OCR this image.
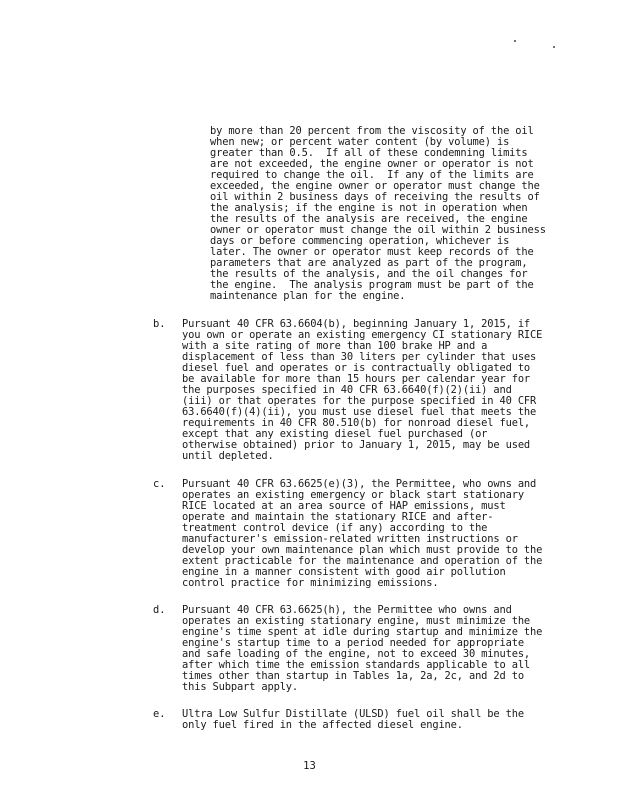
by more than 20 percent from the viscosity of the oil
when new; or percent water content (by volume) is
greater than 0.5.  If all of these condemning limits
are not exceeded, the engine owner or operator is not
required to change the oil.  If any of the limits are
exceeded, the engine owner or operator must change the
oil within 2 business days of receiving the results of
the analysis; if the engine is not in operation when
the results of the analysis are received, the engine
owner or operator must change the oil within 2 business
days or before commencing operation, whichever is
later. The owner or operator must keep records of the
parameters that are analyzed as part of the program,
the results of the analysis, and the oil changes for
the engine.  The analysis program must be part of the
maintenance plan for the engine.
b. Pursuant 40 CFR 63.6604(b), beginning January 1, 2015, if
you own or operate an existing emergency CI stationary RICE
with a site rating of more than 100 brake HP and a
displacement of less than 30 liters per cylinder that uses
diesel fuel and operates or is contractually obligated to
be available for more than 15 hours per calendar year for
the purposes specified in 40 CFR 63.6640(f)(2)(ii) and
(iii) or that operates for the purpose specified in 40 CFR
63.6640(f)(4)(ii), you must use diesel fuel that meets the
requirements in 40 CFR 80.510(b) for nonroad diesel fuel,
except that any existing diesel fuel purchased (or
otherwise obtained) prior to January 1, 2015, may be used
until depleted.
c. Pursuant 40 CFR 63.6625(e)(3), the Permittee, who owns and
operates an existing emergency or black start stationary
RICE located at an area source of HAP emissions, must
operate and maintain the stationary RICE and after-
treatment control device (if any) according to the
manufacturer's emission-related written instructions or
develop your own maintenance plan which must provide to the
extent practicable for the maintenance and operation of the
engine in a manner consistent with good air pollution
control practice for minimizing emissions.
d. Pursuant 40 CFR 63.6625(h), the Permittee who owns and
operates an existing stationary engine, must minimize the
engine's time spent at idle during startup and minimize the
engine's startup time to a period needed for appropriate
and safe loading of the engine, not to exceed 30 minutes,
after which time the emission standards applicable to all
times other than startup in Tables 1a, 2a, 2c, and 2d to
this Subpart apply.
e. Ultra Low Sulfur Distillate (ULSD) fuel oil shall be the
only fuel fired in the affected diesel engine.
13
